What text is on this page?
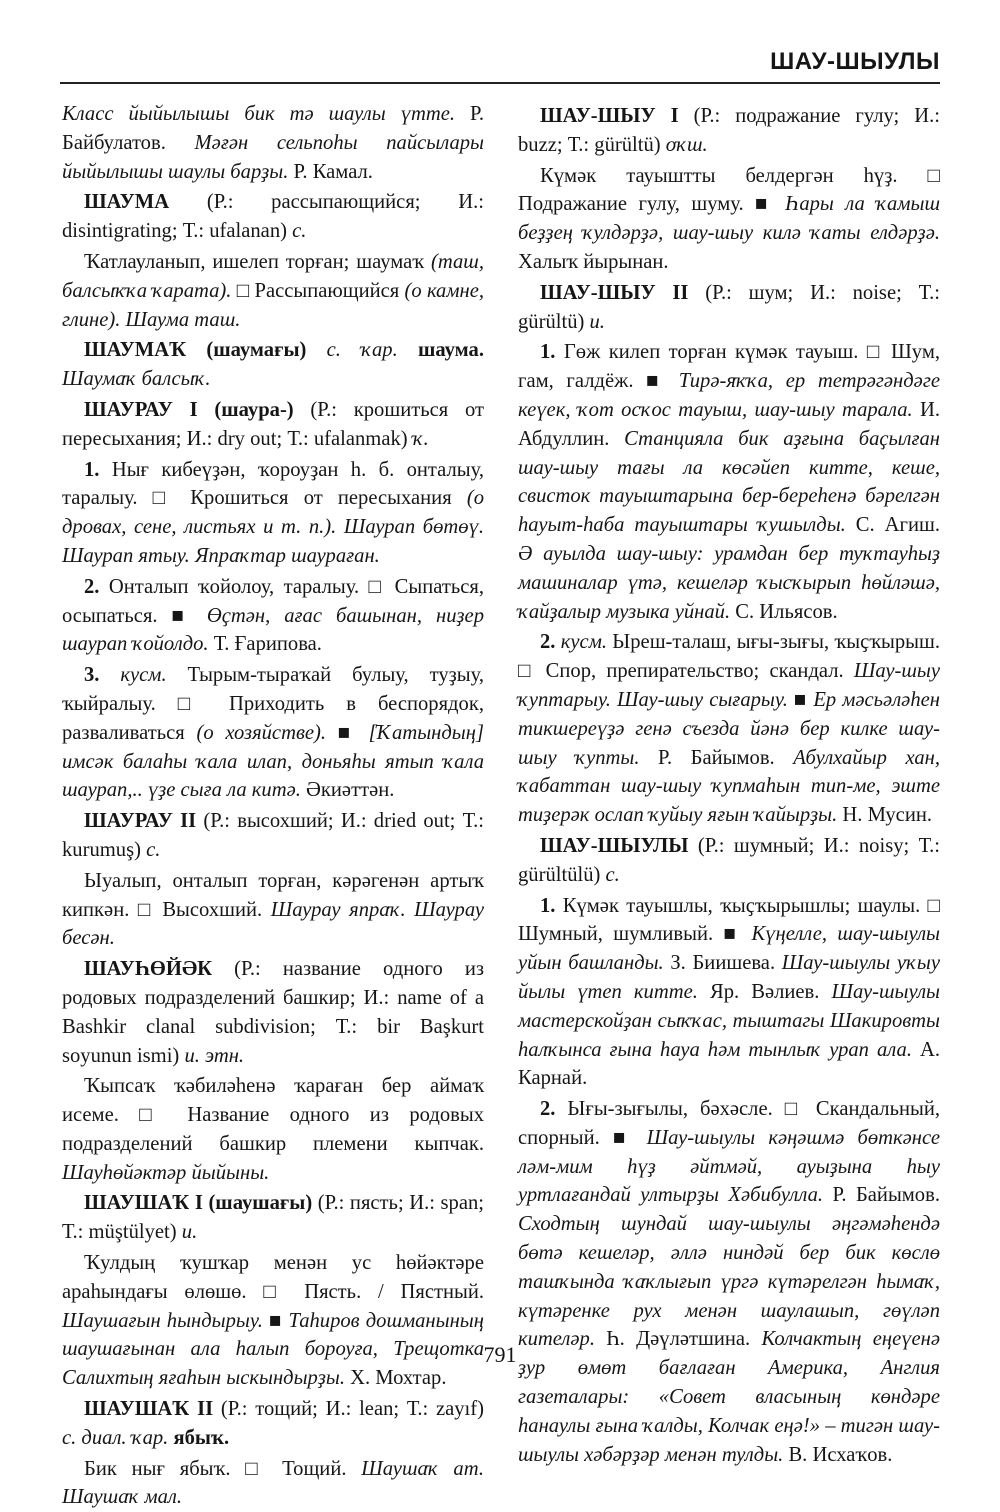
ШАУ-ШЫУЛЫ

Класс йыйылышы бик тә шаулы үтте. Р. Байбулатов. Мәғән сельпоһы пайсылары йыйылышы шаулы барҙы. Р. Камал.

ШАУМА (Р.: рассыпающийся; И.: disintigrating; Т.: ufalanan) с.

Ҡатлауланып, ишелеп торған; шаумаҡ (таш, балсыҡҡа ҡарата). □ Рассыпающийся (о камне, глине). Шаума таш.

ШАУМАҠ (шаумағы) с. ҡар. шаума. Шаумаҡ балсыҡ.

ШАУРАУ I (шаура-) (Р.: крошиться от пересыхания; И.: dry out; Т.: ufalanmak) ҡ.

1. Нығ кибеүҙән, ҡороуҙан һ. б. онталыу, таралыу. □ Крошиться от пересыхания (о дровах, сене, листьях и т. п.). Шаурап бөтөү. Шаурап ятыу. Япраҡтар шаураған.

2. Онталып ҡойолоу, таралыу. □ Сыпаться, осыпаться. ■ Өҫтән, ағас башынан, ниҙер шаурап ҡойолдо. Т. Ғарипова.

3. кусм. Тырым-тыраҡай булыу, туҙыу, ҡыйралыу. □ Приходить в беспорядок, разваливаться (о хозяйстве). ■ [Ҡатындың] имсәк балаһы ҡала илап, доньяһы ятып ҡала шаурап,.. үҙе сыға ла китә. Әкиәттән.

ШАУРАУ II (Р.: высохший; И.: dried out; Т.: kurumuş) с.

Ыуалып, онталып торған, кәрәгенән артыҡ кипкән. □ Высохший. Шаурау япраҡ. Шаурау бесән.

ШАУҺӨЙӘК (Р.: название одного из родовых подразделений башкир; И.: name of a Bashkir clanal subdivision; Т.: bir Başkurt soyunun ismi) и. этн.

Ҡыпсаҡ ҡәбиләһенә ҡараған бер аймаҡ исеме. □ Название одного из родовых подразделений башкир племени кыпчак. Шауһөйәктәр йыйыны.

ШАУШАҠ I (шаушағы) (Р.: пясть; И.: span; Т.: müştülyet) и.

Ҡулдың ҡушҡар менән ус һөйәктәре араһындағы өлөшө. □ Пясть. / Пястный. Шаушағын һындырыу. ■ Таһиров дошманының шаушағынан ала һалып бороуға, Трещотка Салихтың яғаһын ыскындырҙы. Х. Мохтар.

ШАУШАҠ II (Р.: тощий; И.: lean; Т.: zayıf) с. диал. ҡар. ябыҡ.

Бик нығ ябыҡ. □ Тощий. Шаушаҡ ат. Шаушаҡ мал.

ШАУ-ШЫУ I (Р.: подражание гулу; И.: buzz; Т.: gürültü) оҡш.

Күмәк тауыштты белдергән һүҙ. □ Подражание гулу, шуму. ■ Һары ла ҡамыш беҙҙең ҡулдәрҙә, шау-шыу килә ҡаты елдәрҙә. Халыҡ йырынан.

ШАУ-ШЫУ II (Р.: шум; И.: noise; Т.: gürültü) и.

1. Гөж килеп торған күмәк тауыш. □ Шум, гам, галдёж. ■ Тирә-яҡҡа, ер тетрәгәндәге кеүек, ҡот осҡос тауыш, шау-шыу тарала. И. Абдуллин. Станцияла бик аҙғына баҫылған шау-шыу тағы ла көсәйеп китте, кеше, свисток тауыштарына бер-береһенә бәрелгән һауыт-һаба тауыштары ҡушылды. С. Агиш. Ә ауылда шау-шыу: урамдан бер туҡтауһыҙ машиналар үтә, кешеләр ҡысҡырып һөйләшә, ҡайҙалыр музыка уйнай. С. Ильясов.

2. кусм. Ыреш-талаш, ығы-зығы, ҡыҫҡырыш. □ Спор, препирательство; скандал. Шау-шыу ҡуптарыу. Шау-шыу сығарыу. ■ Ер мәсьәләһен тикшереүҙә генә съезда йәнә бер килке шау-шыу ҡупты. Р. Байымов. Абулхайыр хан, ҡабаттан шау-шыу ҡупмаһын тип-ме, эште тиҙерәк ослап ҡуйыу яғын ҡайырҙы. Н. Мусин.

ШАУ-ШЫУЛЫ (Р.: шумный; И.: noisy; Т.: gürültülü) с.

1. Күмәк тауышлы, ҡыҫҡырышлы; шаулы. □ Шумный, шумливый. ■ Күңелле, шау-шыулы уйын башланды. З. Биишева. Шау-шыулы уҡыу йылы үтеп китте. Яр. Вәлиев. Шау-шыулы мастерскойҙан сыҡҡас, тыштагы Шакировты һалҡынса ғына һауа һәм тынлыҡ урап ала. А. Карнай.

2. Ығы-зығылы, бәхәсле. □ Скандальный, спорный. ■ Шау-шыулы кәңәшмә бөткәнсе ләм-мим һүҙ әйтмәй, ауыҙына һыу уртлағандай ултырҙы Хәбибулла. Р. Байымов. Сходтың шундай шау-шыулы әңгәмәһендә бөтә кешеләр, әллә ниндәй бер бик көслө ташҡында ҡаҡлығып үргә күтәрелгән һымаҡ, күтәренке рух менән шаулашып, гөүләп кителәр. Һ. Дәүләтшина. Колчактың еңеүенә ҙур өмөт бағлаған Америка, Англия газеталары: «Совет власының көндәре һанаулы ғына ҡалды, Колчак еңә!» – тигән шау-шыулы хәбәрҙәр менән тулды. В. Исхаҡов.

791
